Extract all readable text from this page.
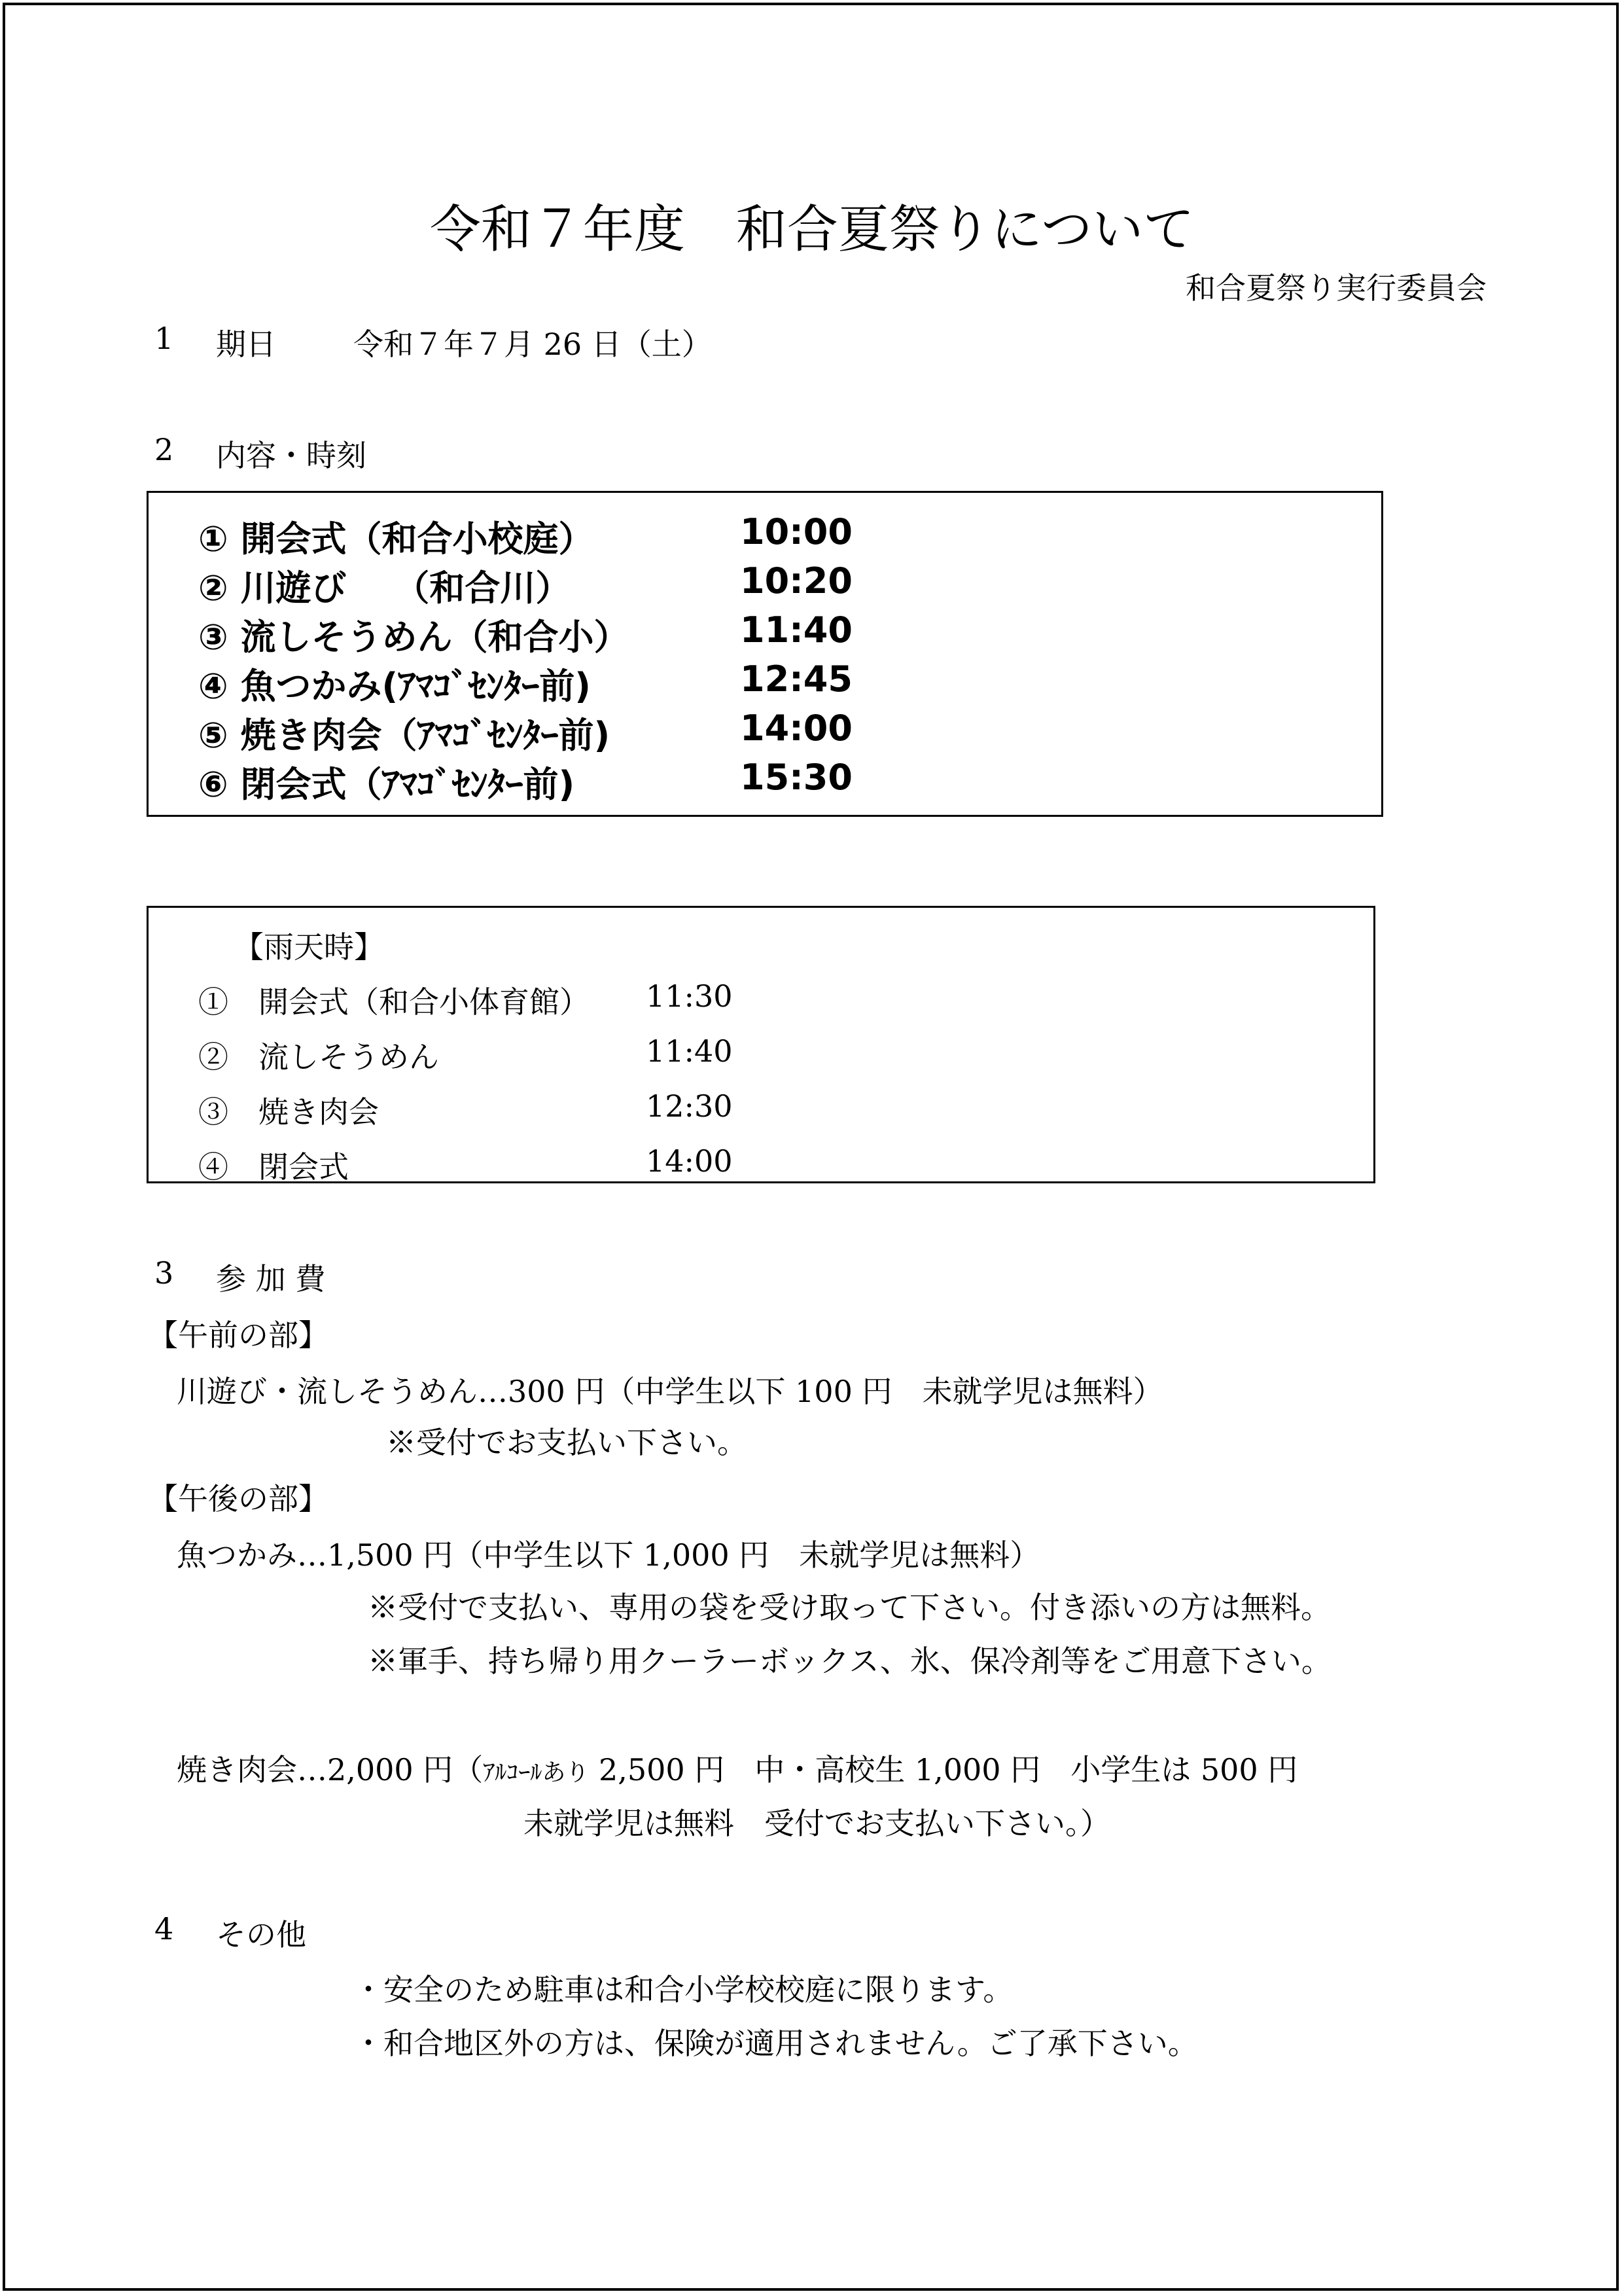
令和７年度　和合夏祭りについて
和合夏祭り実行委員会
1 期日	令和７年７月 26 日（土）
2 内容・時刻
① 開会式（和合小校庭）	10:00
② 川遊び　 （和合川）	10:20
③ 流しそうめん（和合小）	11:40
④ 魚つかみ(ｱﾏｺﾞｾﾝﾀｰ前)	12:45
⑤ 焼き肉会（ｱﾏｺﾞｾﾝﾀｰ前)	14:00
⑥ 閉会式（ｱﾏｺﾞｾﾝﾀｰ前)	15:30
【雨天時】
①　開会式（和合小体育館） 11:30
②　流しそうめん	11:40
③　焼き肉会	12:30
④　閉会式	14:00
3 参 加 費
【午前の部】
川遊び・流しそうめん…300 円（中学生以下 100 円　未就学児は無料）
※受付でお支払い下さい。
【午後の部】
魚つかみ…1,500 円（中学生以下 1,000 円　未就学児は無料）
※受付で支払い、専用の袋を受け取って下さい。付き添いの方は無料。
※軍手、持ち帰り用クーラーボックス、氷、保冷剤等をご用意下さい。
焼き肉会…2,000 円（ｱﾙｺｰﾙあり 2,500 円　中・高校生 1,000 円　小学生は 500 円
未就学児は無料　受付でお支払い下さい。）
4 その他
・安全のため駐車は和合小学校校庭に限ります。
・和合地区外の方は、保険が適用されません。ご了承下さい。
